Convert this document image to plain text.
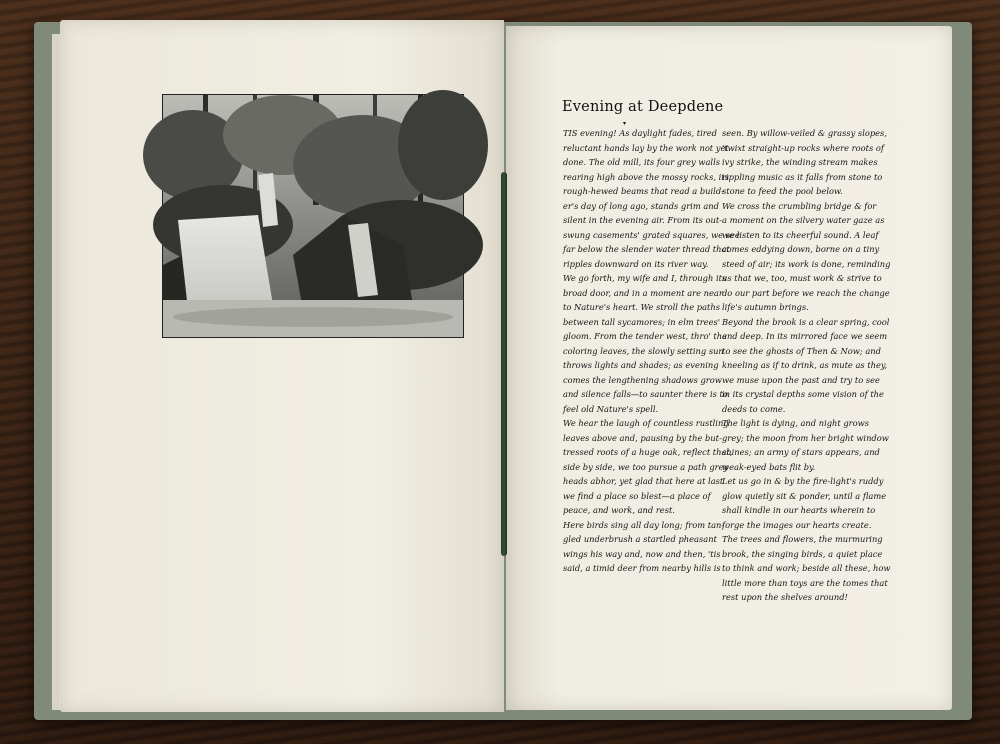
Evening at Deepdene
▾
TIS evening! As daylight fades, tired
reluctant hands lay by the work not yet
done. The old mill, its four grey walls
rearing high above the mossy rocks, its
rough-hewed beams that read a build-
er's day of long ago, stands grim and
silent in the evening air. From its out-
swung casements' grated squares, we see
far below the slender water thread that
ripples downward on its river way.
We go forth, my wife and I, through its
broad door, and in a moment are near
to Nature's heart. We stroll the paths
between tall sycamores; in elm trees'
gloom. From the tender west, thro' the
coloring leaves, the slowly setting sun
throws lights and shades; as evening
comes the lengthening shadows grow
and silence falls—to saunter there is to
feel old Nature's spell.
We hear the laugh of countless rustling
leaves above and, pausing by the but-
tressed roots of a huge oak, reflect that,
side by side, we too pursue a path grey
heads abhor, yet glad that here at last
we find a place so blest—a place of
peace, and work, and rest.
Here birds sing all day long; from tan-
gled underbrush a startled pheasant
wings his way and, now and then, 'tis
said, a timid deer from nearby hills is
seen. By willow-veiled & grassy slopes,
'twixt straight-up rocks where roots of
ivy strike, the winding stream makes
rippling music as it falls from stone to
stone to feed the pool below.
We cross the crumbling bridge & for
a moment on the silvery water gaze as
we listen to its cheerful sound. A leaf
comes eddying down, borne on a tiny
steed of air; its work is done, reminding
us that we, too, must work & strive to
do our part before we reach the change
life's autumn brings.
Beyond the brook is a clear spring, cool
and deep. In its mirrored face we seem
to see the ghosts of Then & Now; and
kneeling as if to drink, as mute as they,
we muse upon the past and try to see
in its crystal depths some vision of the
deeds to come.
The light is dying, and night grows
grey; the moon from her bright window
shines; an army of stars appears, and
weak-eyed bats flit by.
Let us go in & by the fire-light's ruddy
glow quietly sit & ponder, until a flame
shall kindle in our hearts wherein to
forge the images our hearts create.
The trees and flowers, the murmuring
brook, the singing birds, a quiet place
to think and work; beside all these, how
little more than toys are the tomes that
rest upon the shelves around!
